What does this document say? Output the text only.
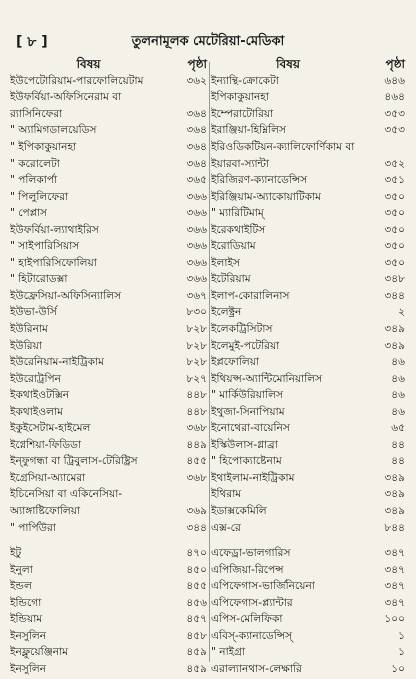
[ ৮ ]	তুলনামূলক মেটেরিয়া-মেডিকা
বিষয়	পৃষ্ঠা
ইউপেটোরিয়াম-পারফোলিয়েটাম	৩৬২
ইউফর্বিয়া-অফিসিনেরাম বা
র‍্যাসিনিফেরা	৩৬৪
" অ্যামিগডালয়েডিস	৩৬৪
" ইপিকাকুয়ানহা	৩৬৪
" করোলেটা	৩৬৪
" পলিকার্পা	৩৬৫
" পিলুলিফেরা	৩৬৬
" পেপ্লাস	৩৬৬
ইউফর্বিয়া-ল্যাথাইরিস	৩৬৬
" সাইপারিসিয়াস	৩৬৬
" হাইপারিসিফোলিয়া	৩৬৬
" হিটারোডক্সা	৩৬৬
ইউফ্রেসিয়া-অফিসিন্যালিস	৩৬৭
ইউভা-উর্সি	৮৩০
ইউরিনাম	৮২৮
ইউরিয়া	৮২৮
ইউরেনিয়াম-নাইট্রিকাম	৮২৮
ইউরোট্রপিন	৮২৭
ইকথাইওটক্সিন	৪৪৮
ইকথাইওলাম	৪৪৮
ইকুইসেটাম-হাইমেল	৩৬৮
ইগ্নেশিয়া-ফিডিডা	৪৪৯
ইন্ফুগন্ধা বা ট্রিবুলাস-টেরিষ্ট্রিস	৪৫৫
ইগ্রেসিয়া-অ্যামেরা	৩৬৮
ইচিনেসিয়া বা একিনেসিয়া-
অ্যাঙ্গাষ্টিফোলিয়া	৩৬৯
" পার্পিউরা	৩৪৪
ইটু	৪৭০
ইনুলা	৪৫০
ইন্ডল	৪৫৫
ইন্ডিগো	৪৫৬
ইন্ডিয়াম	৪৫৭
ইনসুলিন	৪৫৮
ইনফ্লুয়েঞ্জিনাম	৪৫৯
ইনসুলিন	৪৫৯
বিষয়	পৃষ্ঠা
ইন্যান্থি-ক্রোকেটা	৬৪৬
ইপিকাকুয়ানহা	৪৬৪
ইম্পেরাটোরিয়া	৩৫৩
ইরাঞ্জিয়া-হিম্নিলিস	৩৫৩
ইরিওডিকটিয়ন-ক্যালিফোর্ণিকাম বা
ইয়ারবা-স্যান্টা	৩৫২
ইরিজিরণ-ক্যানাডেন্সিস	৩৫১
ইরিঞ্জিয়াম-অ্যাকোয়াটিকাম	৩৫০
" ম্যারিটিমাম্	৩৫০
ইরেকথাইটিস	৩৫০
ইরোডিয়াম	৩৫০
ইলাইস	৩৫০
ইটেরিয়াম	৩৪৮
ইলাপ-কোরালিনাস	৩৪৪
ইলেক্ট্রন	২
ইলেকট্রিসিটাস	৩৪৯
ইলেমুই-পটেরিয়া	৩৪৯
ইপ্লফোলিয়া	৪৬
ইথিয়প্স-অ্যান্টিমোনিয়ালিস	৪৬
" মার্কিউরিয়ালিস	৪৬
ইথুজা-সিনাপিয়াম	৪৬
ইনোথেরা-বায়েনিস	৬৫
ইস্কিউলাস-গ্লাব্রা	৪৪
" হিপোক্যাষ্টেনাম	৪৪
ইথাইলাম-নাইট্রিকাম	৩৪৯
ইথিরাম	৩৪৯
ইডাক্সকেমিলি	৩৪৯
এক্স-রে	৮৪৪
এফেড্রা-ভালগারিস	৩৪৭
এপিজিয়া-রিপেন্স	৩৪৭
এপিফেগাস-ভার্জিনিয়েনা	৩৪৭
এপিফেগাস-প্ল্যান্টার	৩৪৭
এপিস-মেলিফিকা	১০০
এবিস্-ক্যানাডেন্সিস্	১
" নাইগ্রা	১
এরাল্যানথাস-লেক্ষারি	১০
